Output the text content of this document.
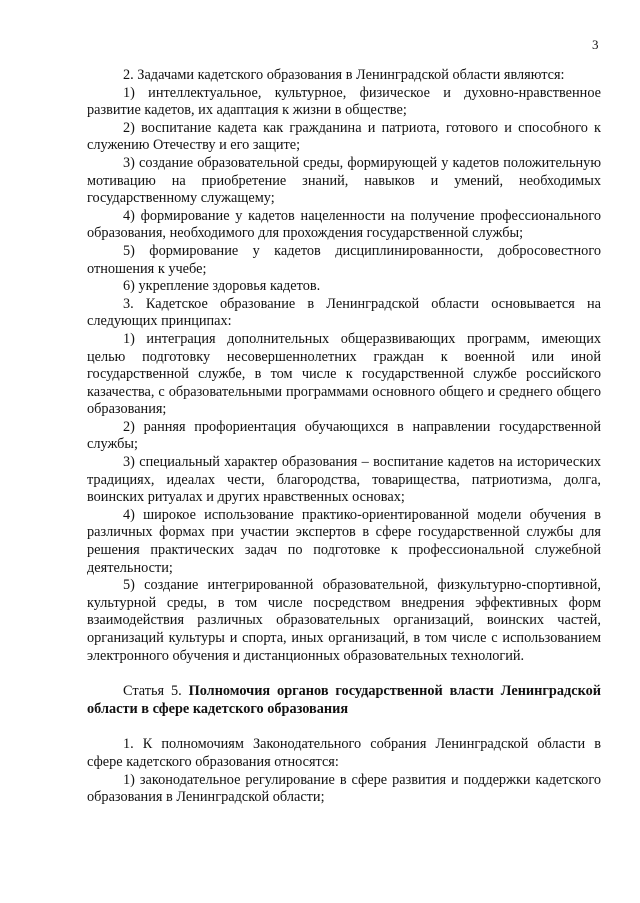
3

2. Задачами кадетского образования в Ленинградской области являются:

1) интеллектуальное, культурное, физическое и духовно-нравственное развитие кадетов, их адаптация к жизни в обществе;

2) воспитание кадета как гражданина и патриота, готового и способного к служению Отечеству и его защите;

3) создание образовательной среды, формирующей у кадетов положительную мотивацию на приобретение знаний, навыков и умений, необходимых государственному служащему;

4) формирование у кадетов нацеленности на получение профессионального образования, необходимого для прохождения государственной службы;

5) формирование у кадетов дисциплинированности, добросовестного отношения к учебе;

6) укрепление здоровья кадетов.

3. Кадетское образование в Ленинградской области основывается на следующих принципах:

1) интеграция дополнительных общеразвивающих программ, имеющих целью подготовку несовершеннолетних граждан к военной или иной государственной службе, в том числе к государственной службе российского казачества, с образовательными программами основного общего и среднего общего образования;

2) ранняя профориентация обучающихся в направлении государственной службы;

3) специальный характер образования – воспитание кадетов на исторических традициях, идеалах чести, благородства, товарищества, патриотизма, долга, воинских ритуалах и других нравственных основах;

4) широкое использование практико-ориентированной модели обучения в различных формах при участии экспертов в сфере государственной службы для решения практических задач по подготовке к профессиональной служебной деятельности;

5) создание интегрированной образовательной, физкультурно-спортивной, культурной среды, в том числе посредством внедрения эффективных форм взаимодействия различных образовательных организаций, воинских частей, организаций культуры и спорта, иных организаций, в том числе с использованием электронного обучения и дистанционных образовательных технологий.

Статья 5. Полномочия органов государственной власти Ленинградской области в сфере кадетского образования

1. К полномочиям Законодательного собрания Ленинградской области в сфере кадетского образования относятся:

1) законодательное регулирование в сфере развития и поддержки кадетского образования в Ленинградской области;
